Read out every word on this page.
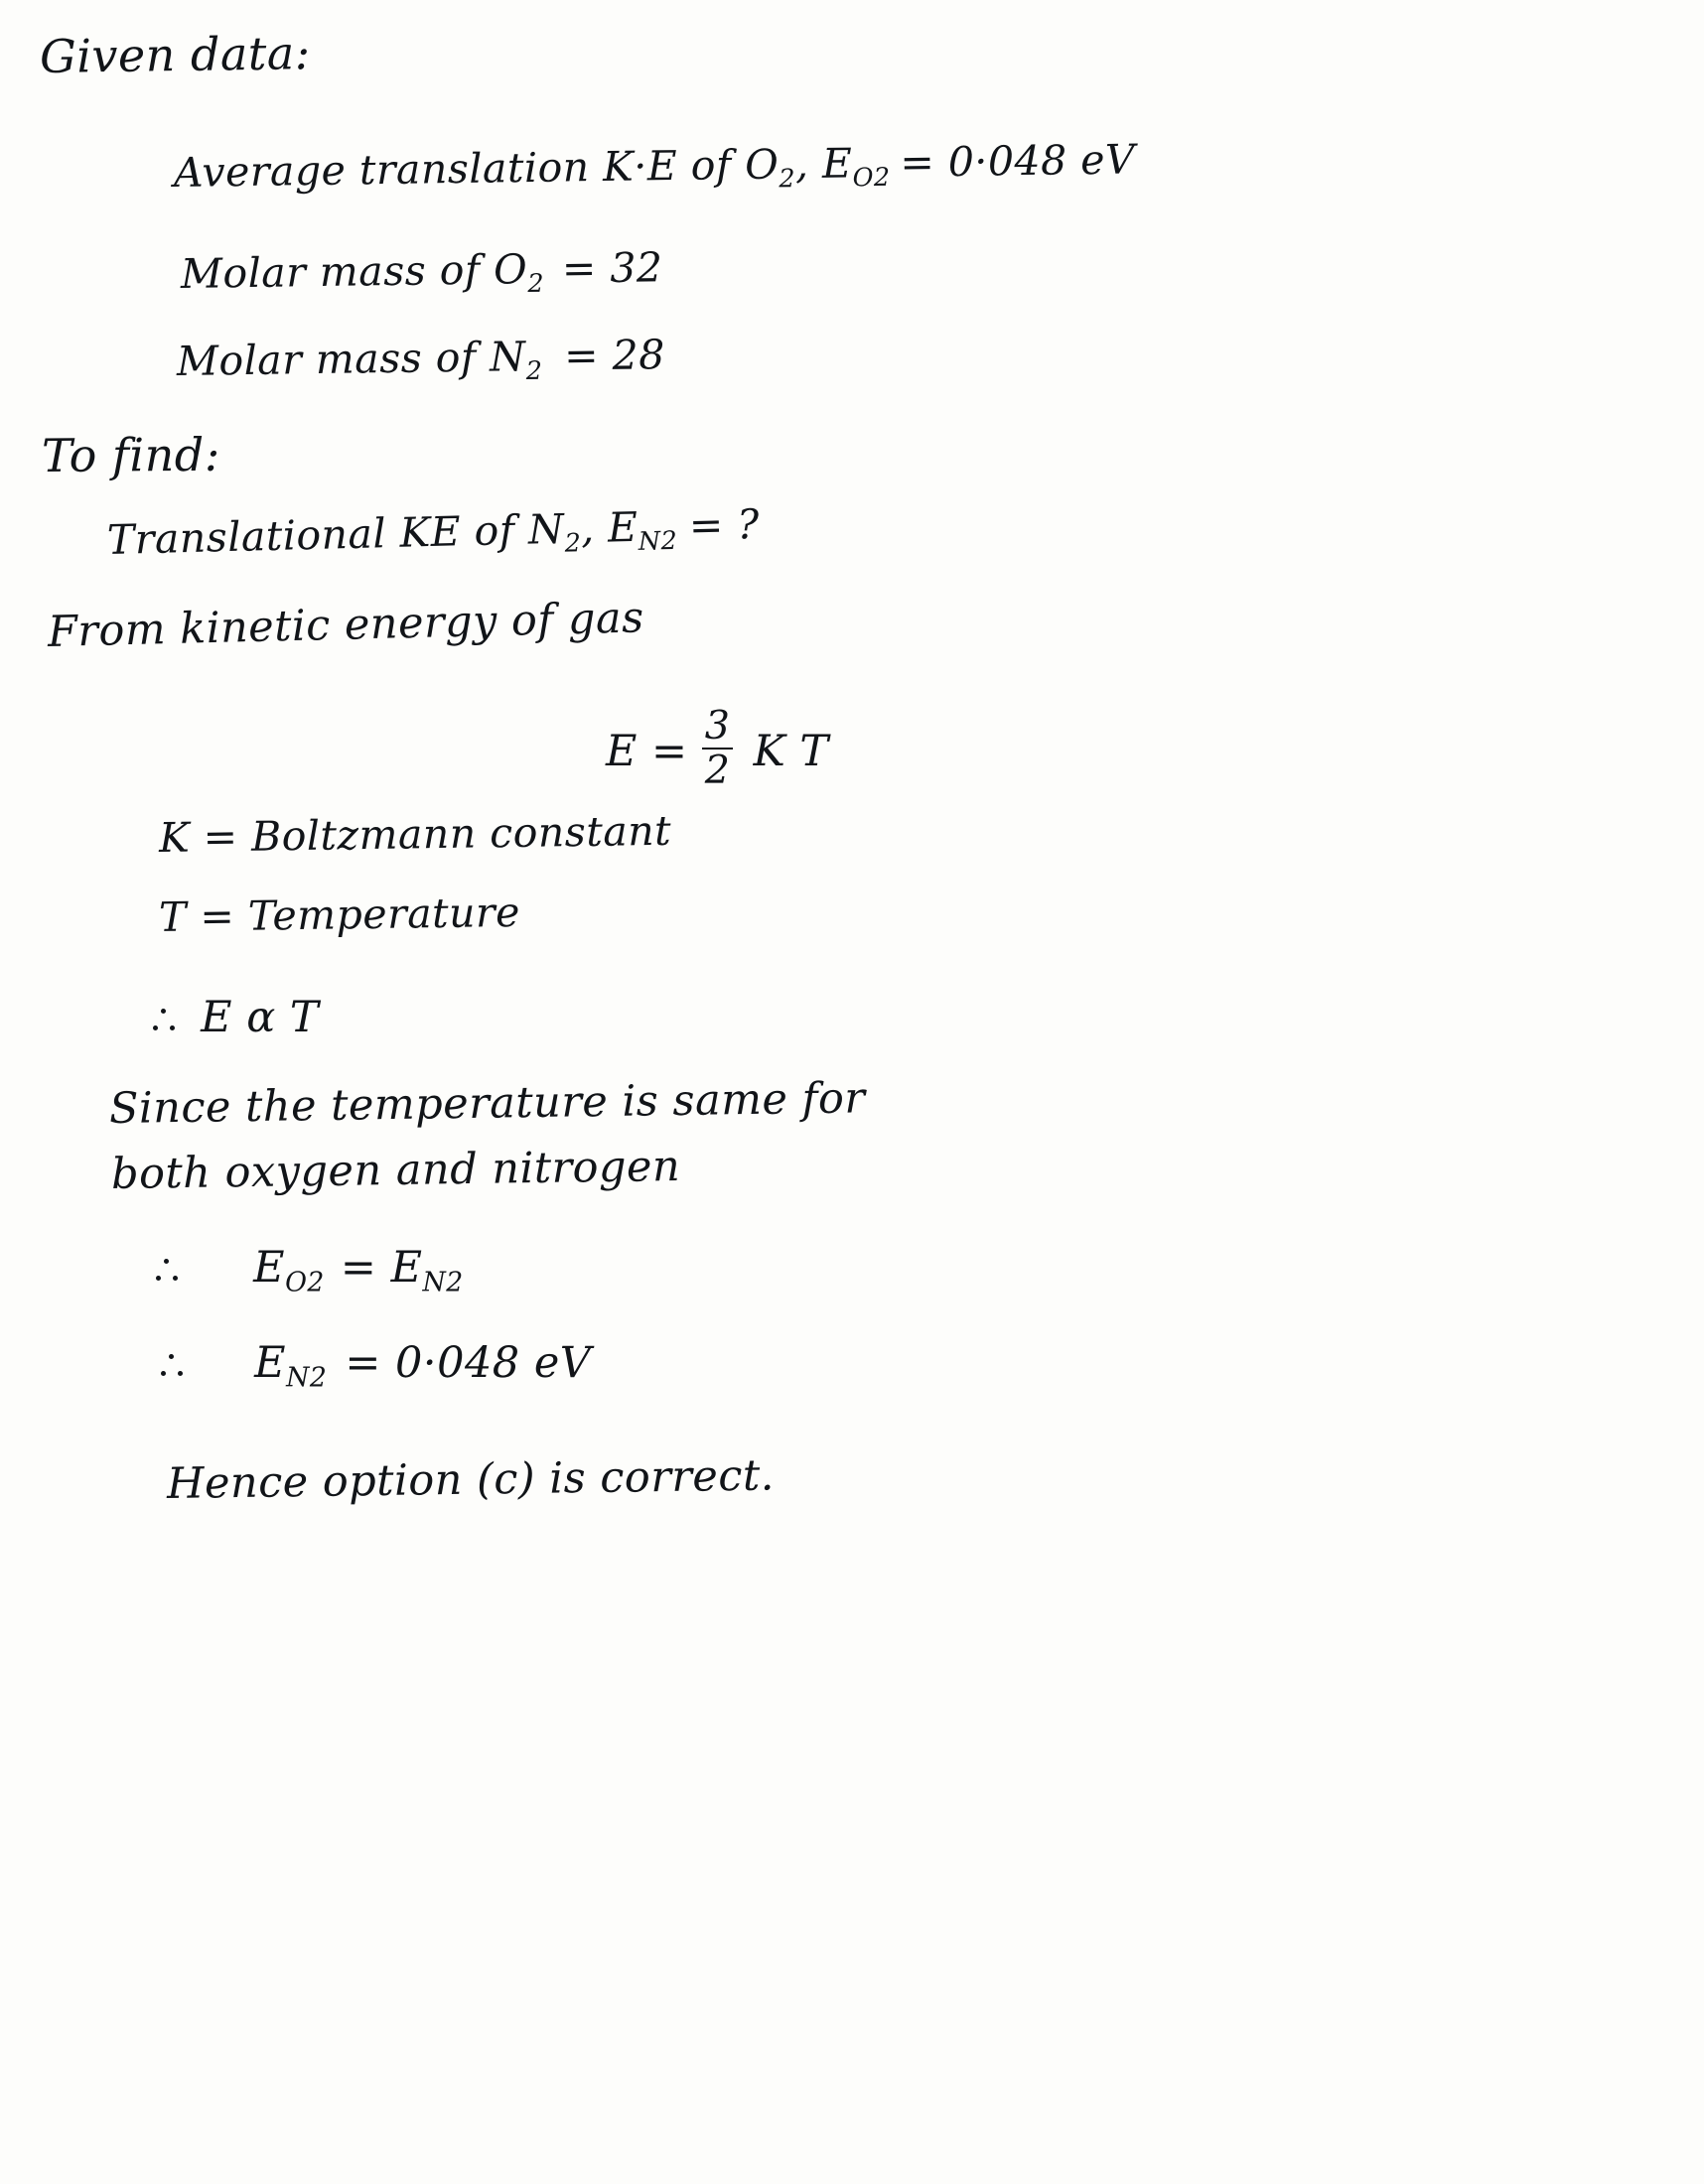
Given data:
Average translation K·E of $O_2$, $E_{O2} = 0\cdot 048$ eV
Molar mass of $O_2 = 32$
Molar mass of $N_2 = 28$
To find:
Translational KE of $N_2$, $E_{N2}$ = ?
From kinetic energy of gas
$E = \frac{3}{2}$ K T
K = Boltzmann constant
T = Temperature
E α T
Since the temperature is same for
both oxygen and nitrogen
$E_{O2} = E_{N2}$
$E_{N2} = 0\cdot 048$ eV
Hence option (c) is correct.
